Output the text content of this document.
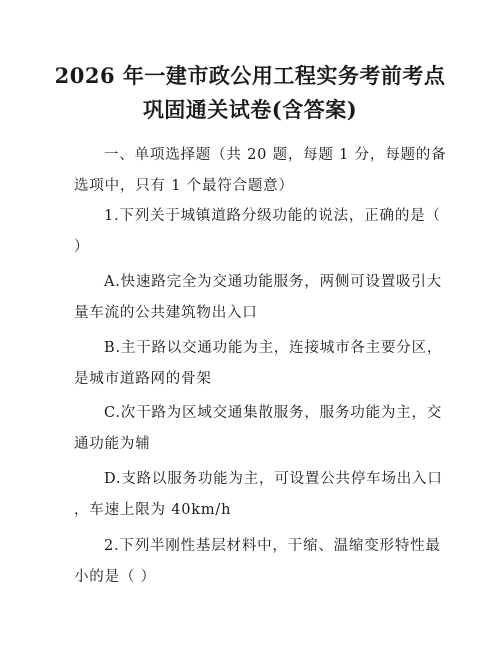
2026 年一建市政公用工程实务考前考点
巩固通关试卷(含答案)
一、单项选择题（共 20 题，每题 1 分，每题的备
选项中，只有 1 个最符合题意）
1.下列关于城镇道路分级功能的说法，正确的是（
）
A.快速路完全为交通功能服务，两侧可设置吸引大
量车流的公共建筑物出入口
B.主干路以交通功能为主，连接城市各主要分区，
是城市道路网的骨架
C.次干路为区域交通集散服务，服务功能为主，交
通功能为辅
D.支路以服务功能为主，可设置公共停车场出入口
，车速上限为 40km/h
2.下列半刚性基层材料中，干缩、温缩变形特性最
小的是（ ）
